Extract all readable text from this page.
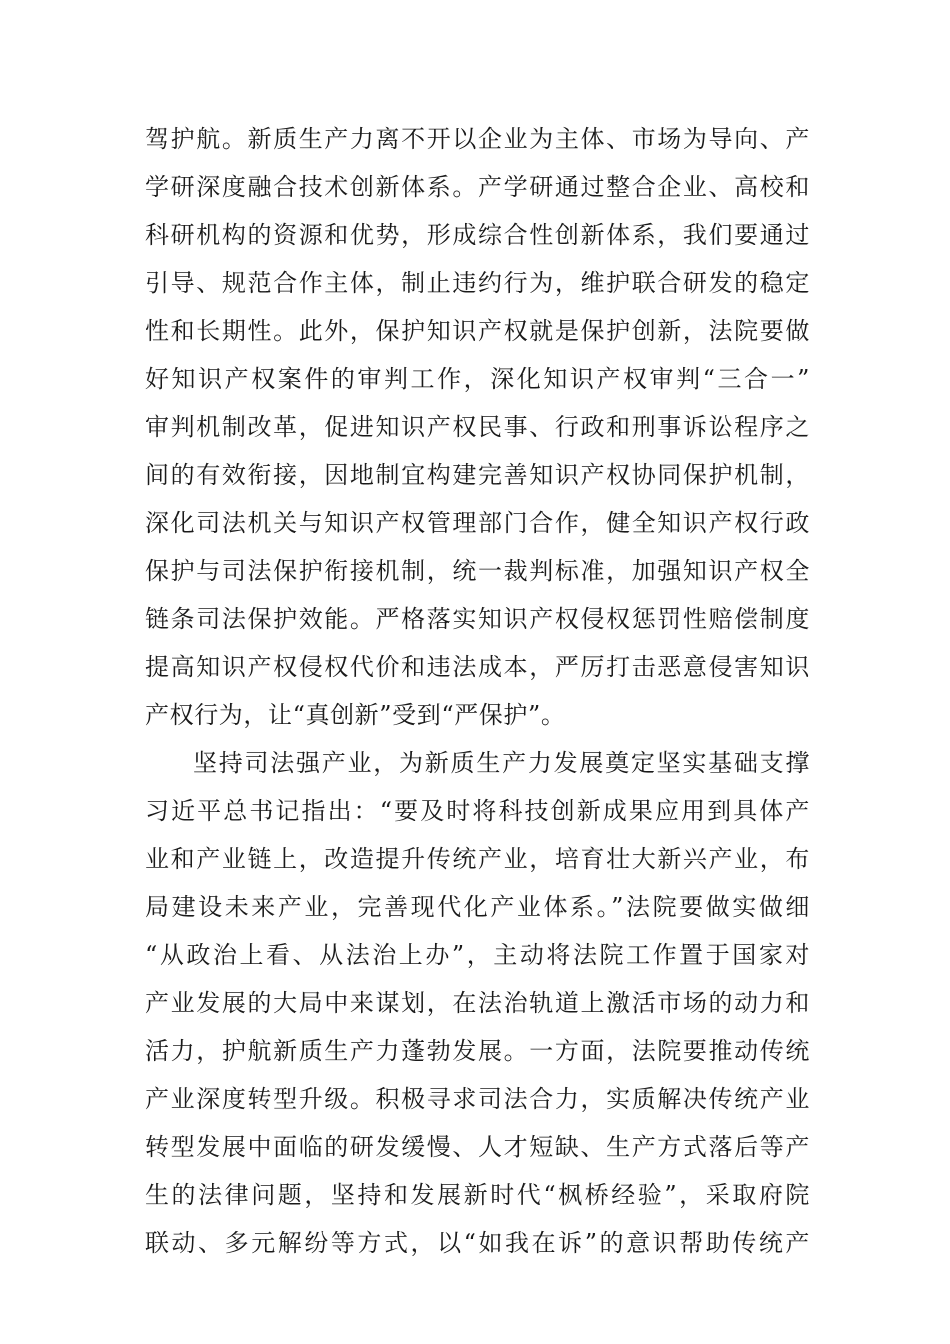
驾护航。新质生产力离不开以企业为主体、市场为导向、产
学研深度融合技术创新体系。产学研通过整合企业、高校和
科研机构的资源和优势，形成综合性创新体系，我们要通过
引导、规范合作主体，制止违约行为，维护联合研发的稳定
性和长期性。此外，保护知识产权就是保护创新，法院要做
好知识产权案件的审判工作，深化知识产权审判“三合一”
审判机制改革，促进知识产权民事、行政和刑事诉讼程序之
间的有效衔接，因地制宜构建完善知识产权协同保护机制，
深化司法机关与知识产权管理部门合作，健全知识产权行政
保护与司法保护衔接机制，统一裁判标准，加强知识产权全
链条司法保护效能。严格落实知识产权侵权惩罚性赔偿制度
提高知识产权侵权代价和违法成本，严厉打击恶意侵害知识
产权行为，让“真创新”受到“严保护”。
坚持司法强产业，为新质生产力发展奠定坚实基础支撑
习近平总书记指出：“要及时将科技创新成果应用到具体产
业和产业链上，改造提升传统产业，培育壮大新兴产业，布
局建设未来产业，完善现代化产业体系。”法院要做实做细
“从政治上看、从法治上办”，主动将法院工作置于国家对
产业发展的大局中来谋划，在法治轨道上激活市场的动力和
活力，护航新质生产力蓬勃发展。一方面，法院要推动传统
产业深度转型升级。积极寻求司法合力，实质解决传统产业
转型发展中面临的研发缓慢、人才短缺、生产方式落后等产
生的法律问题，坚持和发展新时代“枫桥经验”，采取府院
联动、多元解纷等方式，以“如我在诉”的意识帮助传统产
